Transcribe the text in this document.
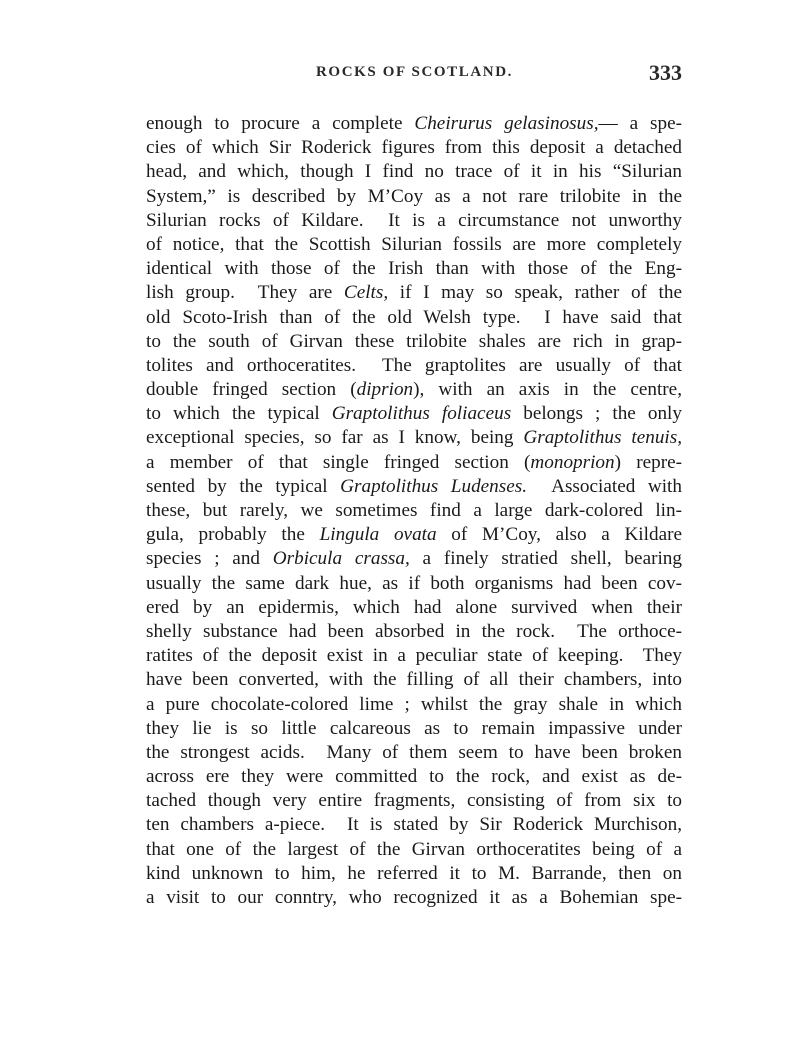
ROCKS OF SCOTLAND.	333
enough to procure a complete Cheirurus gelasinosus,— a spe-
cies of which Sir Roderick figures from this deposit a detached
head, and which, though I find no trace of it in his “Silurian
System,” is described by M’Coy as a not rare trilobite in the
Silurian rocks of Kildare.  It is a circumstance not unworthy
of notice, that the Scottish Silurian fossils are more completely
identical with those of the Irish than with those of the Eng-
lish group.  They are Celts, if I may so speak, rather of the
old Scoto-Irish than of the old Welsh type.  I have said that
to the south of Girvan these trilobite shales are rich in grap-
tolites and orthoceratites.  The graptolites are usually of that
double fringed section (diprion), with an axis in the centre,
to which the typical Graptolithus foliaceus belongs ; the only
exceptional species, so far as I know, being Graptolithus tenuis,
a member of that single fringed section (monoprion) repre-
sented by the typical Graptolithus Ludenses.  Associated with
these, but rarely, we sometimes find a large dark-colored lin-
gula, probably the Lingula ovata of M’Coy, also a Kildare
species ; and Orbicula crassa, a finely stratied shell, bearing
usually the same dark hue, as if both organisms had been cov-
ered by an epidermis, which had alone survived when their
shelly substance had been absorbed in the rock.  The orthoce-
ratites of the deposit exist in a peculiar state of keeping.  They
have been converted, with the filling of all their chambers, into
a pure chocolate-colored lime ; whilst the gray shale in which
they lie is so little calcareous as to remain impassive under
the strongest acids.  Many of them seem to have been broken
across ere they were committed to the rock, and exist as de-
tached though very entire fragments, consisting of from six to
ten chambers a-piece.  It is stated by Sir Roderick Murchison,
that one of the largest of the Girvan orthoceratites being of a
kind unknown to him, he referred it to M. Barrande, then on
a visit to our conntry, who recognized it as a Bohemian spe-
